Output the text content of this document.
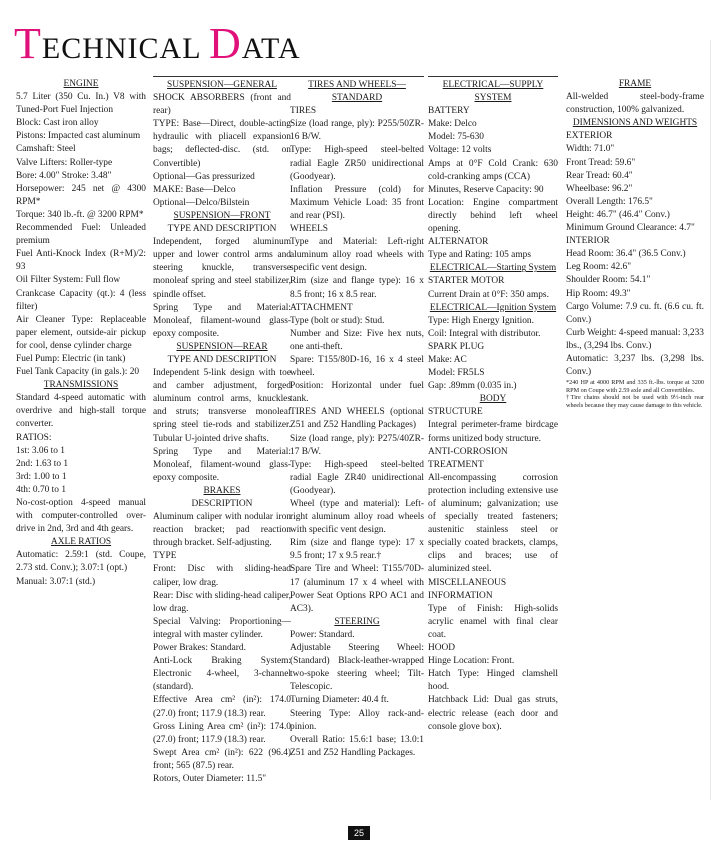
TECHNICAL DATA
ENGINE
5.7 Liter (350 Cu. In.) V8 with Tuned-Port Fuel Injection
Block: Cast iron alloy
Pistons: Impacted cast aluminum
Camshaft: Steel
Valve Lifters: Roller-type
Bore: 4.00" Stroke: 3.48"
Horsepower: 245 net @ 4300 RPM*
Torque: 340 lb.-ft. @ 3200 RPM*
Recommended Fuel: Unleaded premium
Fuel Anti-Knock Index (R+M)/2: 93
Oil Filter System: Full flow
Crankcase Capacity (qt.): 4 (less filter)
Air Cleaner Type: Replaceable paper element, outside-air pickup for cool, dense cylinder charge
Fuel Pump: Electric (in tank)
Fuel Tank Capacity (in gals.): 20
TRANSMISSIONS
Standard 4-speed automatic with overdrive and high-stall torque converter.
RATIOS:
1st: 3.06 to 1
2nd: 1.63 to 1
3rd: 1.00 to 1
4th: 0.70 to 1
No-cost-option 4-speed manual with computer-controlled over-drive in 2nd, 3rd and 4th gears.
AXLE RATIOS
Automatic: 2.59:1 (std. Coupe, 2.73 std. Conv.); 3.07:1 (opt.)
Manual: 3.07:1 (std.)
SUSPENSION—GENERAL
SHOCK ABSORBERS (front and rear)
TYPE: Base—Direct, double-acting hydraulic with pliacell expansion bags; deflected-disc. (std. on Convertible)
Optional—Gas pressurized
MAKE: Base—Delco
Optional—Delco/Bilstein
SUSPENSION—FRONT
TYPE AND DESCRIPTION
Independent, forged aluminum upper and lower control arms and steering knuckle, transverse monoleaf spring and steel stabilizer, spindle offset.
Spring Type and Material: Monoleaf, filament-wound glass-epoxy composite.
SUSPENSION—REAR
TYPE AND DESCRIPTION
Independent 5-link design with toe and camber adjustment, forged aluminum control arms, knuckles and struts; transverse monoleaf spring steel tie-rods and stabilizer. Tubular U-jointed drive shafts.
Spring Type and Material: Monoleaf, filament-wound glass-epoxy composite.
BRAKES
DESCRIPTION
Aluminum caliper with nodular iron reaction bracket; pad reaction through bracket. Self-adjusting.
TYPE
Front: Disc with sliding-head caliper, low drag.
Rear: Disc with sliding-head caliper, low drag.
Special Valving: Proportioning—integral with master cylinder.
Power Brakes: Standard.
Anti-Lock Braking System: Electronic 4-wheel, 3-channel (standard).
Effective Area cm² (in²): 174.0 (27.0) front; 117.9 (18.3) rear.
Gross Lining Area cm² (in²): 174.0 (27.0) front; 117.9 (18.3) rear.
Swept Area cm² (in²): 622 (96.4) front; 565 (87.5) rear.
Rotors, Outer Diameter: 11.5"
TIRES AND WHEELS—STANDARD
TIRES
Size (load range, ply): P255/50ZR-16 B/W.
Type: High-speed steel-belted radial Eagle ZR50 unidirectional (Goodyear).
Inflation Pressure (cold) for Maximum Vehicle Load: 35 front and rear (PSI).
WHEELS
Type and Material: Left-right aluminum alloy road wheels with specific vent design.
Rim (size and flange type): 16 x 8.5 front; 16 x 8.5 rear.
ATTACHMENT
Type (bolt or stud): Stud.
Number and Size: Five hex nuts, one anti-theft.
Spare: T155/80D-16, 16 x 4 steel wheel.
Position: Horizontal under fuel tank.
TIRES AND WHEELS (optional Z51 and Z52 Handling Packages)
Size (load range, ply): P275/40ZR-17 B/W.
Type: High-speed steel-belted radial Eagle ZR40 unidirectional (Goodyear).
Wheel (type and material): Left-right aluminum alloy road wheels with specific vent design.
Rim (size and flange type): 17 x 9.5 front; 17 x 9.5 rear.†
Spare Tire and Wheel: T155/70D-17 (aluminum 17 x 4 wheel with Power Seat Options RPO AC1 and AC3).
STEERING
Power: Standard.
Adjustable Steering Wheel: (Standard) Black-leather-wrapped two-spoke steering wheel; Tilt-Telescopic.
Turning Diameter: 40.4 ft.
Steering Type: Alloy rack-and-pinion.
Overall Ratio: 15.6:1 base; 13.0:1 Z51 and Z52 Handling Packages.
ELECTRICAL—SUPPLY SYSTEM
BATTERY
Make: Delco
Model: 75-630
Voltage: 12 volts
Amps at 0°F Cold Crank: 630 cold-cranking amps (CCA)
Minutes, Reserve Capacity: 90
Location: Engine compartment directly behind left wheel opening.
ALTERNATOR
Type and Rating: 105 amps
ELECTRICAL—Starting System
STARTER MOTOR
Current Drain at 0°F: 350 amps.
ELECTRICAL—Ignition System
Type: High Energy Ignition.
Coil: Integral with distributor.
SPARK PLUG
Make: AC
Model: FR5LS
Gap: .89mm (0.035 in.)
BODY
STRUCTURE
Integral perimeter-frame birdcage forms unitized body structure.
ANTI-CORROSION TREATMENT
All-encompassing corrosion protection including extensive use of aluminum; galvanization; use of specially treated fasteners; austenitic stainless steel or specially coated brackets, clamps, clips and braces; use of aluminized steel.
MISCELLANEOUS INFORMATION
Type of Finish: High-solids acrylic enamel with final clear coat.
HOOD
Hinge Location: Front.
Hatch Type: Hinged clamshell hood.
Hatchback Lid: Dual gas struts, electric release (each door and console glove box).
FRAME
All-welded steel-body-frame construction, 100% galvanized.
DIMENSIONS AND WEIGHTS
EXTERIOR
Width: 71.0"
Front Tread: 59.6"
Rear Tread: 60.4"
Wheelbase: 96.2"
Overall Length: 176.5"
Height: 46.7" (46.4" Conv.)
Minimum Ground Clearance: 4.7"
INTERIOR
Head Room: 36.4" (36.5 Conv.)
Leg Room: 42.6"
Shoulder Room: 54.1"
Hip Room: 49.3"
Cargo Volume: 7.9 cu. ft. (6.6 cu. ft. Conv.)
Curb Weight: 4-speed manual: 3,233 lbs., (3,294 lbs. Conv.)
Automatic: 3,237 lbs. (3,298 lbs. Conv.)
*240 HP at 4000 RPM and 335 ft.-lbs. torque at 3200 RPM on Coupe with 2.59 axle and all Convertibles.
†Tire chains should not be used with 9½-inch rear wheels because they may cause damage to this vehicle.
25
